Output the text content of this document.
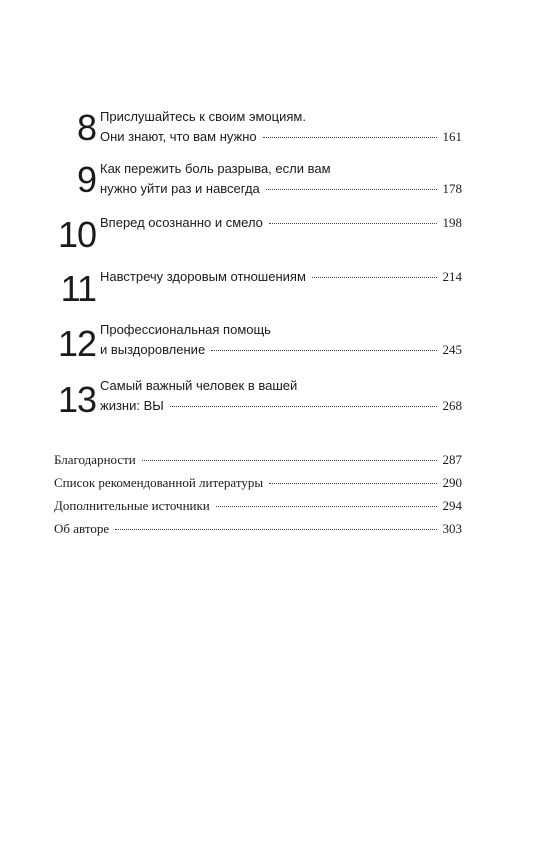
8 Прислушайтесь к своим эмоциям.
Они знают, что вам нужно	161
9 Как пережить боль разрыва, если вам
нужно уйти раз и навсегда	178
10 Вперед осознанно и смело	198
11 Навстречу здоровым отношениям	214
12 Профессиональная помощь
и выздоровление	245
13 Самый важный человек в вашей
жизни: ВЫ	268
Благодарности	287
Список рекомендованной литературы	290
Дополнительные источники	294
Об авторе	303
